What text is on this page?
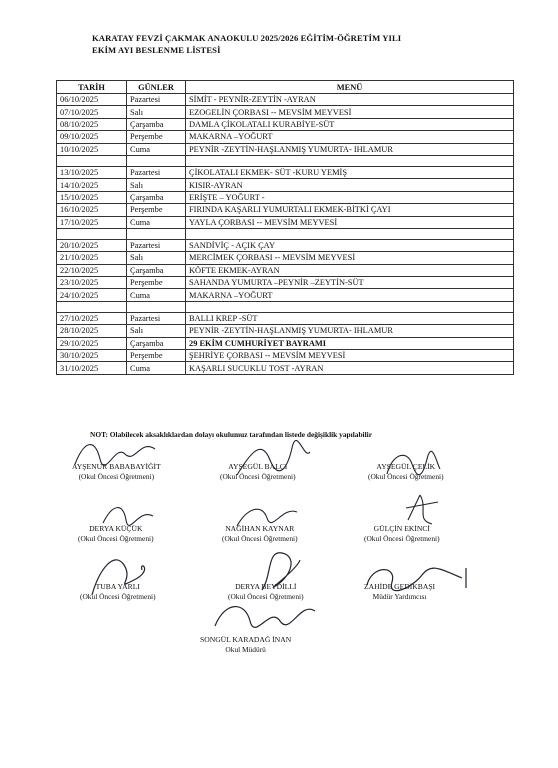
KARATAY FEVZİ ÇAKMAK ANAOKULU 2025/2026 EĞİTİM-ÖĞRETİM YILI
EKİM AYI BESLENME LİSTESİ
TARİH	GÜNLER	MENÜ
06/10/2025	Pazartesi	SİMİT - PEYNİR-ZEYTİN -AYRAN
07/10/2025	Salı	EZOGELİN ÇORBASI -- MEVSİM MEYVESİ
08/10/2025	Çarşamba	DAMLA ÇİKOLATALI KURABİYE-SÜT
09/10/2025	Perşembe	MAKARNA –YOĞURT
10/10/2025	Cuma	PEYNİR -ZEYTİN-HAŞLANMIŞ YUMURTA- IHLAMUR

13/10/2025	Pazartesi	ÇİKOLATALI EKMEK- SÜT -KURU YEMİŞ
14/10/2025	Salı	KISIR-AYRAN
15/10/2025	Çarşamba	ERİŞTE – YOĞURT -
16/10/2025	Perşembe	FIRINDA KAŞARLI YUMURTALI EKMEK-BİTKİ ÇAYI
17/10/2025	Cuma	YAYLA ÇORBASI -- MEVSİM MEYVESİ

20/10/2025	Pazartesi	SANDİVİÇ - AÇIK ÇAY
21/10/2025	Salı	MERCİMEK ÇORBASI -- MEVSİM MEYVESİ
22/10/2025	Çarşamba	KÖFTE EKMEK-AYRAN
23/10/2025	Perşembe	SAHANDA YUMURTA –PEYNİR –ZEYTİN-SÜT
24/10/2025	Cuma	MAKARNA –YOĞURT

27/10/2025	Pazartesi	BALLI KREP -SÜT
28/10/2025	Salı	PEYNİR -ZEYTİN-HAŞLANMIŞ YUMURTA- IHLAMUR
29/10/2025	Çarşamba	29 EKİM CUMHURİYET BAYRAMI
30/10/2025	Perşembe	ŞEHRİYE ÇORBASI -- MEVSİM MEYVESİ
31/10/2025	Cuma	KAŞARLI SUCUKLU TOST -AYRAN
NOT: Olabilecek aksaklıklardan dolayı okulumuz tarafından listede değişiklik yapılabilir
AYŞENUR BABABAYİĞİT
(Okul Öncesi Öğretmeni)
AYŞEGÜL BALCI
(Okul Öncesi Öğretmeni)
AYŞEGÜL ÇELİK
(Okul Öncesi Öğretmeni)
DERYA KÜÇÜK
(Okul Öncesi Öğretmeni)
NAĞİHAN KAYNAR
(Okul Öncesi Öğretmeni)
GÜLÇİN EKİNCİ
(Okul Öncesi Öğretmeni)
TUBA YARLI
(Okul Öncesi Öğretmeni)
DERYA BEYDİLLİ
(Okul Öncesi Öğretmeni)
ZAHİDE GEDİKBAŞI
Müdür Yardımcısı
SONGÜL KARADAĞ İNAN
Okul Müdürü
